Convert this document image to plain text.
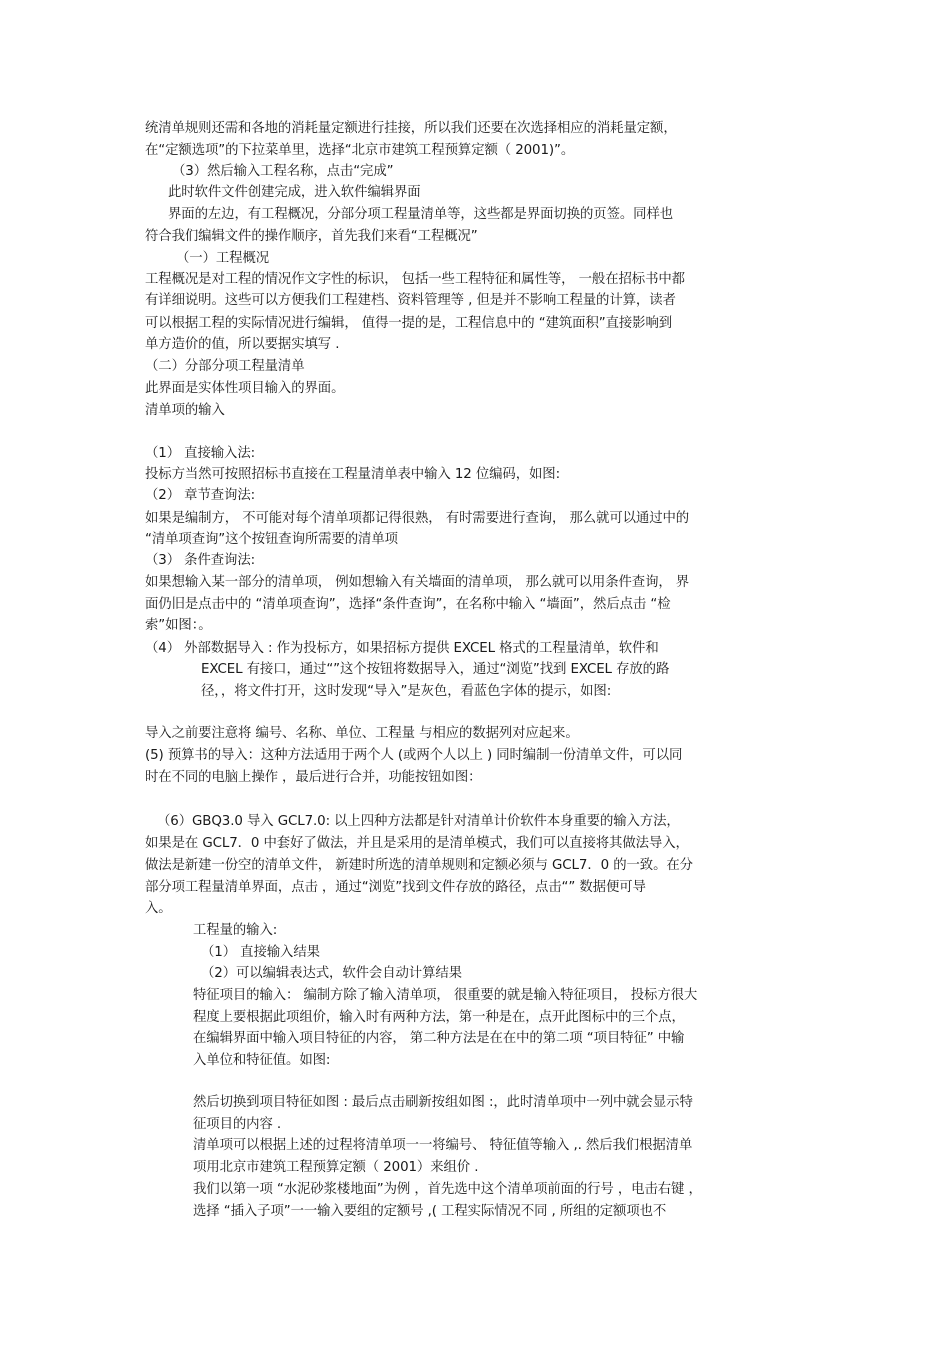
统清单规则还需和各地的消耗量定额进行挂接，所以我们还要在次选择相应的消耗量定额，
在“定额选项”的下拉菜单里，选择“北京市建筑工程预算定额（ 2001)”。
（3）然后输入工程名称，点击“完成”
此时软件文件创建完成，进入软件编辑界面
界面的左边，有工程概况，分部分项工程量清单等，这些都是界面切换的页签。同样也
符合我们编辑文件的操作顺序，首先我们来看“工程概况”
（一）工程概况
工程概况是对工程的情况作文字性的标识， 包括一些工程特征和属性等， 一般在招标书中都
有详细说明。这些可以方便我们工程建档、资料管理等 , 但是并不影响工程量的计算，读者
可以根据工程的实际情况进行编辑， 值得一提的是，工程信息中的 “建筑面积”直接影响到
单方造价的值，所以要据实填写 .
（二）分部分项工程量清单
此界面是实体性项目输入的界面。
清单项的输入
（1） 直接输入法:
投标方当然可按照招标书直接在工程量清单表中输入 12 位编码，如图:
（2） 章节查询法:
如果是编制方， 不可能对每个清单项都记得很熟， 有时需要进行查询， 那么就可以通过中的
“清单项查询”这个按钮查询所需要的清单项
（3） 条件查询法:
如果想输入某一部分的清单项， 例如想输入有关墙面的清单项， 那么就可以用条件查询， 界
面仍旧是点击中的 “清单项查询”，选择“条件查询”，在名称中输入 “墙面”，然后点击 “检
索”如图：。
（4） 外部数据导入 : 作为投标方，如果招标方提供 EXCEL 格式的工程量清单，软件和
EXCEL 有接口，通过“”这个按钮将数据导入，通过“浏览”找到 EXCEL 存放的路
径，，将文件打开，这时发现“导入”是灰色，看蓝色字体的提示，如图:
导入之前要注意将 编号、名称、单位、工程量 与相应的数据列对应起来。
(5) 预算书的导入：这种方法适用于两个人 (或两个人以上 ) 同时编制一份清单文件，可以同
时在不同的电脑上操作 ，最后进行合并，功能按钮如图：
（6）GBQ3.0 导入 GCL7.0: 以上四种方法都是针对清单计价软件本身重要的输入方法，
如果是在 GCL7．0 中套好了做法，并且是采用的是清单模式，我们可以直接将其做法导入，
做法是新建一份空的清单文件， 新建时所选的清单规则和定额必须与 GCL7．0 的一致。在分
部分项工程量清单界面，点击 ，通过“浏览”找到文件存放的路径，点击“” 数据便可导
入。
工程量的输入:
（1） 直接输入结果
（2）可以编辑表达式，软件会自动计算结果
特征项目的输入： 编制方除了输入清单项， 很重要的就是输入特征项目， 投标方很大
程度上要根据此项组价，输入时有两种方法，第一种是在，点开此图标中的三个点，
在编辑界面中输入项目特征的内容， 第二种方法是在在中的第二项 “项目特征” 中输
入单位和特征值。如图:
然后切换到项目特征如图 : 最后点击刷新按组如图 :，此时清单项中一列中就会显示特
征项目的内容 .
清单项可以根据上述的过程将清单项一一将编号、 特征值等输入 ,. 然后我们根据清单
项用北京市建筑工程预算定额（ 2001）来组价 .
我们以第一项 “水泥砂浆楼地面”为例 ，首先选中这个清单项前面的行号 ，电击右键 ，
选择 “插入子项”一一输入要组的定额号 ,( 工程实际情况不同 , 所组的定额项也不
